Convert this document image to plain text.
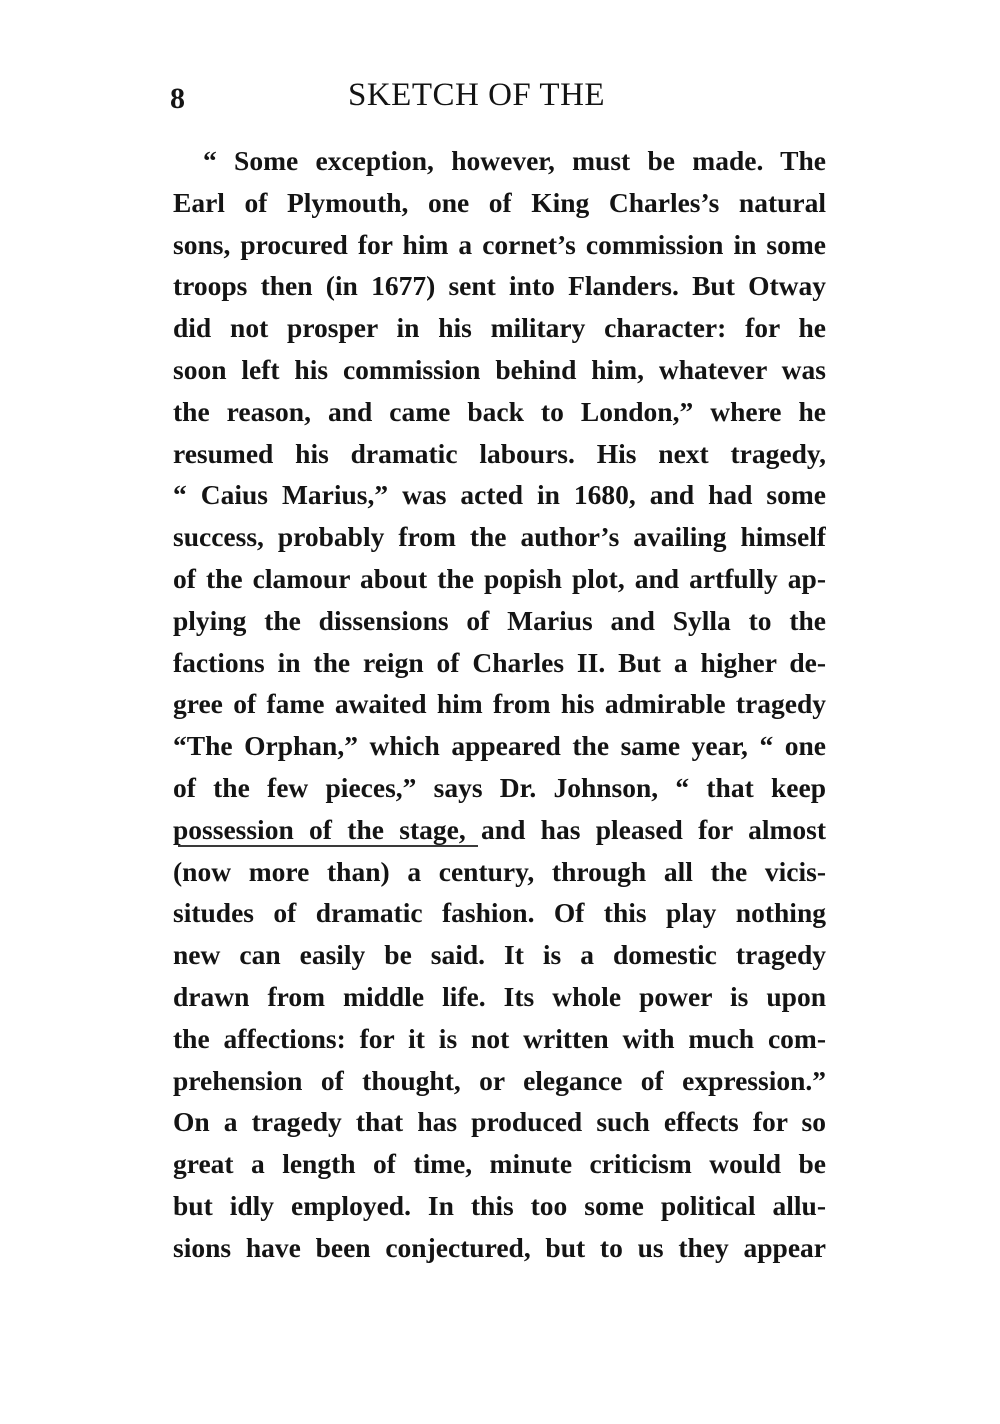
8	SKETCH OF THE
“ Some exception, however, must be made. The
Earl of Plymouth, one of King Charles’s natural
sons, procured for him a cornet’s commission in some
troops then (in 1677) sent into Flanders. But Otway
did not prosper in his military character: for he
soon left his commission behind him, whatever was
the reason, and came back to London,” where he
resumed his dramatic labours. His next tragedy,
“ Caius Marius,” was acted in 1680, and had some
success, probably from the author’s availing himself
of the clamour about the popish plot, and artfully ap-
plying the dissensions of Marius and Sylla to the
factions in the reign of Charles II. But a higher de-
gree of fame awaited him from his admirable tragedy
“The Orphan,” which appeared the same year, “ one
of the few pieces,” says Dr. Johnson, “ that keep
possession of the stage, and has pleased for almost
(now more than) a century, through all the vicis-
situdes of dramatic fashion. Of this play nothing
new can easily be said. It is a domestic tragedy
drawn from middle life. Its whole power is upon
the affections: for it is not written with much com-
prehension of thought, or elegance of expression.”
On a tragedy that has produced such effects for so
great a length of time, minute criticism would be
but idly employed. In this too some political allu-
sions have been conjectured, but to us they appear
